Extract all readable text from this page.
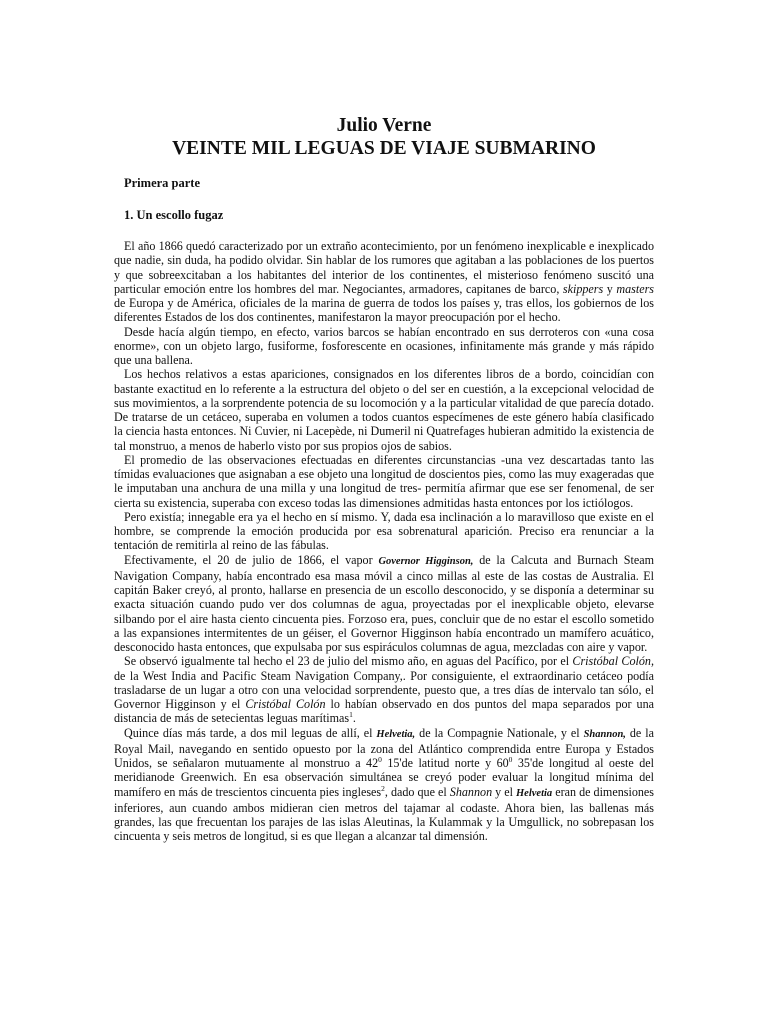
Julio Verne
VEINTE MIL LEGUAS DE VIAJE SUBMARINO
Primera parte
1. Un escollo fugaz

El año 1866 quedó caracterizado por un extraño acontecimiento, por un fenómeno inexplicable e inexplicado que nadie, sin duda, ha podido olvidar. Sin hablar de los rumores que agitaban a las poblaciones de los puertos y que sobreexcitaban a los habitantes del interior de los continentes, el misterioso fenómeno suscitó una particular emoción entre los hombres del mar. Negociantes, armadores, capitanes de barco, skippers y masters de Europa y de América, oficiales de la marina de guerra de todos los países y, tras ellos, los gobiernos de los diferentes Estados de los dos continentes, manifestaron la mayor preocupación por el hecho.

Desde hacía algún tiempo, en efecto, varios barcos se habían encontrado en sus derroteros con «una cosa enorme», con un objeto largo, fusiforme, fosforescente en ocasiones, infinitamente más grande y más rápido que una ballena.

Los hechos relativos a estas apariciones, consignados en los diferentes libros de a bordo, coincidían con bastante exactitud en lo referente a la estructura del objeto o del ser en cuestión, a la excepcional velocidad de sus movimientos, a la sorprendente potencia de su locomoción y a la particular vitalidad de que parecía dotado. De tratarse de un cetáceo, superaba en volumen a todos cuantos especímenes de este género había clasificado la ciencia hasta entonces. Ni Cuvier, ni Lacepède, ni Dumeril ni Quatrefages hubieran admitido la existencia de tal monstruo, a menos de haberlo visto por sus propios ojos de sabios.

El promedio de las observaciones efectuadas en diferentes circunstancias -una vez descartadas tanto las tímidas evaluaciones que asignaban a ese objeto una longitud de doscientos pies, como las muy exageradas que le imputaban una anchura de una milla y una longitud de tres- permitía afirmar que ese ser fenomenal, de ser cierta su existencia, superaba con exceso todas las dimensiones admitidas hasta entonces por los ictiólogos.

Pero existía; innegable era ya el hecho en sí mismo. Y, dada esa inclinación a lo maravilloso que existe en el hombre, se comprende la emoción producida por esa sobrenatural aparición. Preciso era renunciar a la tentación de remitirla al reino de las fábulas.

Efectivamente, el 20 de julio de 1866, el vapor Governor Higginson, de la Calcuta and Burnach Steam Navigation Company, había encontrado esa masa móvil a cinco millas al este de las costas de Australia. El capitán Baker creyó, al pronto, hallarse en presencia de un escollo desconocido, y se disponía a determinar su exacta situación cuando pudo ver dos columnas de agua, proyectadas por el inexplicable objeto, elevarse silbando por el aire hasta ciento cincuenta pies. Forzoso era, pues, concluir que de no estar el escollo sometido a las expansiones intermitentes de un géiser, el Governor Higginson había encontrado un mamífero acuático, desconocido hasta entonces, que expulsaba por sus espiráculos columnas de agua, mezcladas con aire y vapor.

Se observó igualmente tal hecho el 23 de julio del mismo año, en aguas del Pacífico, por el Cristóbal Colón, de la West India and Pacific Steam Navigation Company,. Por consiguiente, el extraordinario cetáceo podía trasladarse de un lugar a otro con una velocidad sorprendente, puesto que, a tres días de intervalo tan sólo, el Governor Higginson y el Cristóbal Colón lo habían observado en dos puntos del mapa separados por una distancia de más de setecientas leguas marítimas$^1$.

Quince días más tarde, a dos mil leguas de allí, el Helvetia, de la Compagnie Nationale, y el Shannon, de la Royal Mail, navegando en sentido opuesto por la zona del Atlántico comprendida entre Europa y Estados Unidos, se señalaron mutuamente al monstruo a $42^0$ 15'de latitud norte y $60^0$ 35'de longitud al oeste del meridianode Greenwich. En esa observación simultánea se creyó poder evaluar la longitud mínima del mamífero en más de trescientos cincuenta pies ingleses$^2$, dado que el Shannon y el Helvetia eran de dimensiones inferiores, aun cuando ambos midieran cien metros del tajamar al codaste. Ahora bien, las ballenas más grandes, las que frecuentan los parajes de las islas Aleutinas, la Kulammak y la Umgullick, no sobrepasan los cincuenta y seis metros de longitud, si es que llegan a alcanzar tal dimensión.
